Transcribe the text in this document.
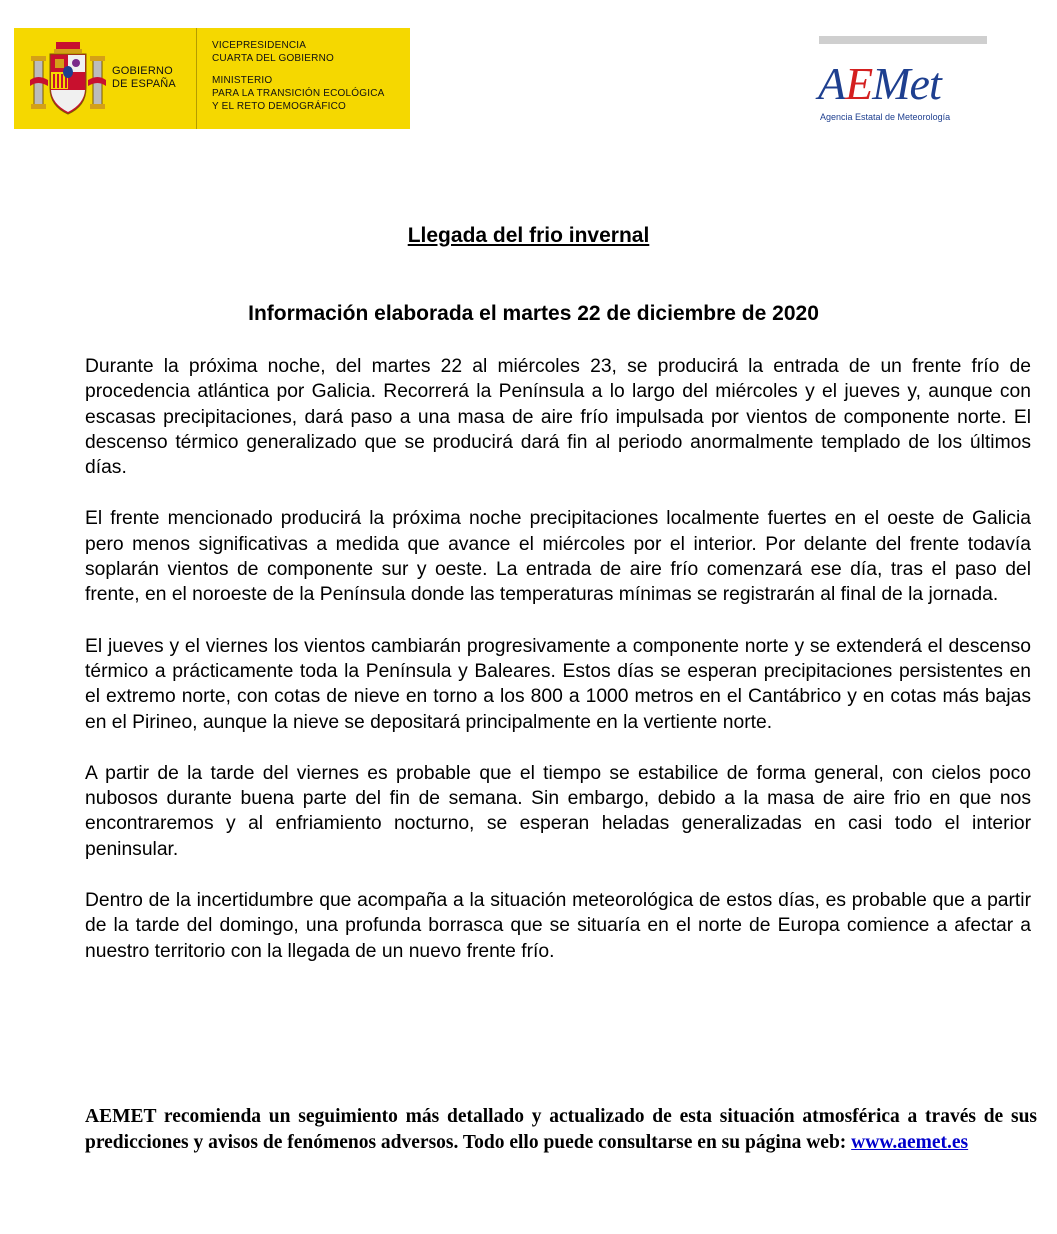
GOBIERNO
DE ESPAÑA
VICEPRESIDENCIA
CUARTA DEL GOBIERNO
MINISTERIO
PARA LA TRANSICIÓN ECOLÓGICA
Y EL RETO DEMOGRÁFICO	AEMet
Agencia Estatal de Meteorología
Llegada del frio invernal
Información elaborada el martes 22 de diciembre de 2020

Durante la próxima noche, del martes 22 al miércoles 23, se producirá la entrada de un frente frío de procedencia atlántica por Galicia. Recorrerá la Península a lo largo del miércoles y el jueves y, aunque con escasas precipitaciones, dará paso a una masa de aire frío impulsada por vientos de componente norte. El descenso térmico generalizado que se producirá dará fin al periodo anormalmente templado de los últimos días.

El frente mencionado producirá la próxima noche precipitaciones localmente fuertes en el oeste de Galicia pero menos significativas a medida que avance el miércoles por el interior. Por delante del frente todavía soplarán vientos de componente sur y oeste. La entrada de aire frío comenzará ese día, tras el paso del frente, en el noroeste de la Península donde las temperaturas mínimas se registrarán al final de la jornada.

El jueves y el viernes los vientos cambiarán progresivamente a componente norte y se extenderá el descenso térmico a prácticamente toda la Península y Baleares. Estos días se esperan precipitaciones persistentes en el extremo norte, con cotas de nieve en torno a los 800 a 1000 metros en el Cantábrico y en cotas más bajas en el Pirineo, aunque la nieve se depositará principalmente en la vertiente norte.

A partir de la tarde del viernes es probable que el tiempo se estabilice de forma general, con cielos poco nubosos durante buena parte del fin de semana. Sin embargo, debido a la masa de aire frio en que nos encontraremos y al enfriamiento nocturno, se esperan heladas generalizadas en casi todo el interior peninsular.

Dentro de la incertidumbre que acompaña a la situación meteorológica de estos días, es probable que a partir de la tarde del domingo, una profunda borrasca que se situaría en el norte de Europa comience a afectar a nuestro territorio con la llegada de un nuevo frente frío.

AEMET recomienda un seguimiento más detallado y actualizado de esta situación atmosférica a través de sus predicciones y avisos de fenómenos adversos. Todo ello puede consultarse en su página web: www.aemet.es
